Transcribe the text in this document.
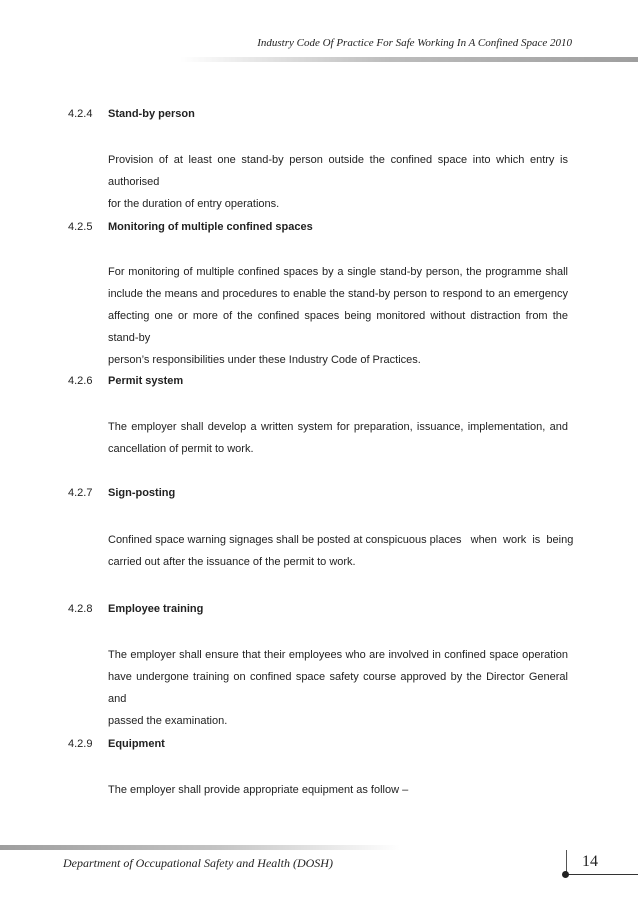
Industry Code Of Practice For Safe Working In A Confined Space 2010
4.2.4 Stand-by person
Provision of at least one stand-by person outside the confined space into which entry is authorised
for the duration of entry operations.
4.2.5 Monitoring of multiple confined spaces
For monitoring of multiple confined spaces by a single stand-by person, the programme shall
include the means and procedures to enable the stand-by person to respond to an emergency
affecting one or more of the confined spaces being monitored without distraction from the stand-by
person’s responsibilities under these Industry Code of Practices.
4.2.6 Permit system
The employer shall develop a written system for preparation, issuance, implementation, and
cancellation of permit to work.
4.2.7 Sign-posting
Confined space warning signages shall be posted at conspicuous places   when  work  is  being
carried out after the issuance of the permit to work.
4.2.8 Employee training
The employer shall ensure that their employees who are involved in confined space operation
have undergone training on confined space safety course approved by the Director General and
passed the examination.
4.2.9 Equipment
The employer shall provide appropriate equipment as follow –
Department of Occupational Safety and Health (DOSH)	14
